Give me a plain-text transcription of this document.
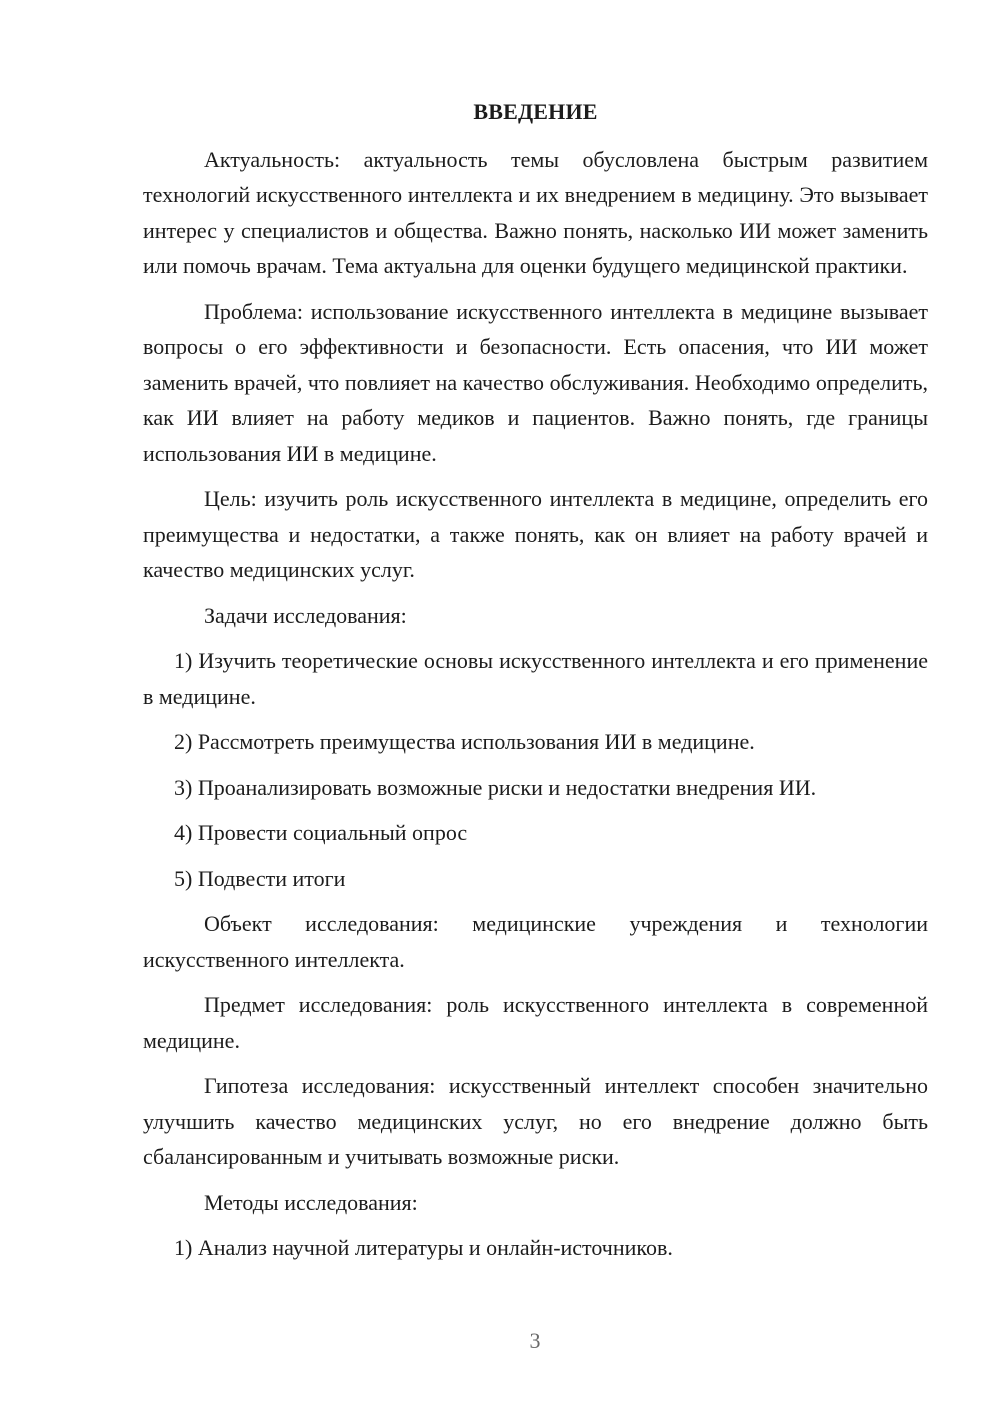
ВВЕДЕНИЕ

Актуальность: актуальность темы обусловлена быстрым развитием технологий искусственного интеллекта и их внедрением в медицину. Это вызывает интерес у специалистов и общества. Важно понять, насколько ИИ может заменить или помочь врачам. Тема актуальна для оценки будущего медицинской практики.

Проблема: использование искусственного интеллекта в медицине вызывает вопросы о его эффективности и безопасности. Есть опасения, что ИИ может заменить врачей, что повлияет на качество обслуживания. Необходимо определить, как ИИ влияет на работу медиков и пациентов. Важно понять, где границы использования ИИ в медицине.

Цель: изучить роль искусственного интеллекта в медицине, определить его преимущества и недостатки, а также понять, как он влияет на работу врачей и качество медицинских услуг.

Задачи исследования:

1) Изучить теоретические основы искусственного интеллекта и его применение в медицине.

2) Рассмотреть преимущества использования ИИ в медицине.

3) Проанализировать возможные риски и недостатки внедрения ИИ.

4) Провести социальный опрос

5) Подвести итоги

Объект исследования: медицинские учреждения и технологии искусственного интеллекта.

Предмет исследования: роль искусственного интеллекта в современной медицине.

Гипотеза исследования: искусственный интеллект способен значительно улучшить качество медицинских услуг, но его внедрение должно быть сбалансированным и учитывать возможные риски.

Методы исследования:

1) Анализ научной литературы и онлайн-источников.

3
